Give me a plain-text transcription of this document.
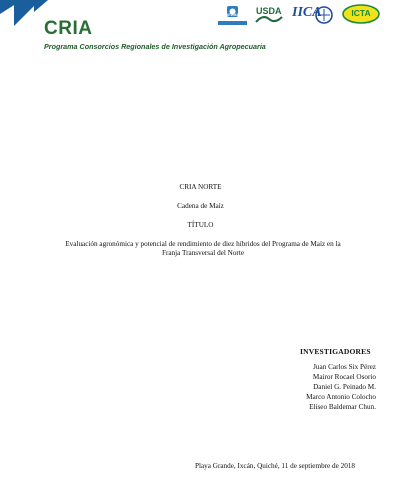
CRIA
Programa Consorcios Regionales de Investigación Agropecuaria
GUATEMALA	USDA IICA	ICTA
CRIA NORTE
Cadena de Maíz
TÍTULO
Evaluación agronómica y potencial de rendimiento de diez híbridos del Programa de Maíz en la Franja Transversal del Norte
INVESTIGADORES
Juan Carlos Six Pérez
Mairor Rocael Osorio
Daniel G. Peinado M.
Marco Antonio Colocho
Eliseo Baldemar Chun.
Playa Grande, Ixcán, Quiché, 11 de septiembre de 2018
